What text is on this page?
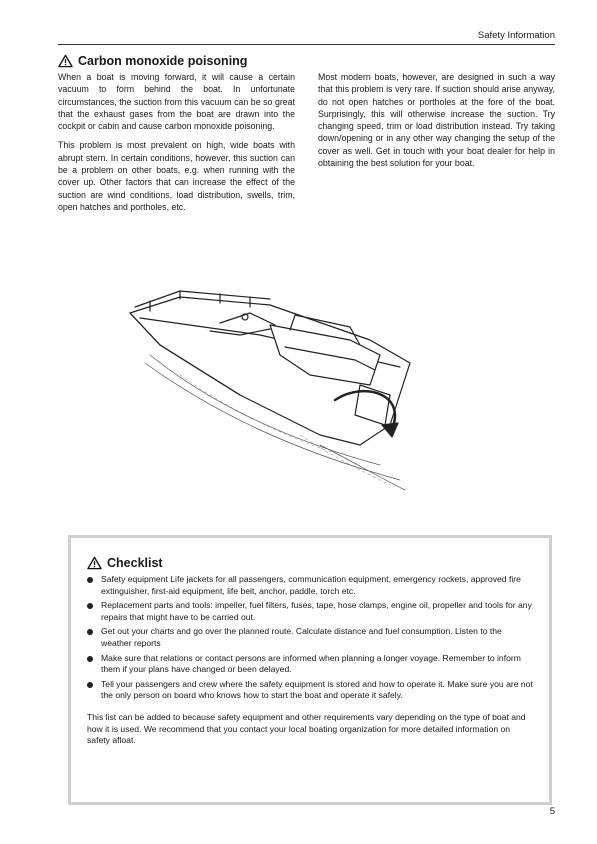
Safety Information
Carbon monoxide poisoning

When a boat is moving forward, it will cause a certain vacuum to form behind the boat. In unfortunate circumstances, the suction from this vacuum can be so great that the exhaust gases from the boat are drawn into the cockpit or cabin and cause carbon monoxide poisoning.

This problem is most prevalent on high, wide boats with abrupt stern. In certain conditions, however, this suction can be a problem on other boats, e.g. when running with the cover up. Other factors that can increase the effect of the suction are wind conditions, load distribution, swells, trim, open hatches and portholes, etc.

Most modern boats, however, are designed in such a way that this problem is very rare. If suction should arise anyway, do not open hatches or portholes at the fore of the boat. Surprisingly, this will otherwise increase the suction. Try changing speed, trim or load distribution instead. Try taking down/opening or in any other way changing the setup of the cover as well. Get in touch with your boat dealer for help in obtaining the best solution for your boat.

Checklist
Safety equipment Life jackets for all passengers, communication equipment, emergency rockets, approved fire extinguisher, first-aid equipment, life belt, anchor, paddle, torch etc.
Replacement parts and tools: impeller, fuel filters, fuses, tape, hose clamps, engine oil, propeller and tools for any repairs that might have to be carried out.
Get out your charts and go over the planned route. Calculate distance and fuel consumption. Listen to the weather reports
Make sure that relations or contact persons are informed when planning a longer voyage. Remember to inform them if your plans have changed or been delayed.
Tell your passengers and crew where the safety equipment is stored and how to operate it. Make sure you are not the only person on board who knows how to start the boat and operate it safely.
This list can be added to because safety equipment and other requirements vary depending on the type of boat and how it is used. We recommend that you contact your local boating organization for more detailed information on safety afloat.
5
